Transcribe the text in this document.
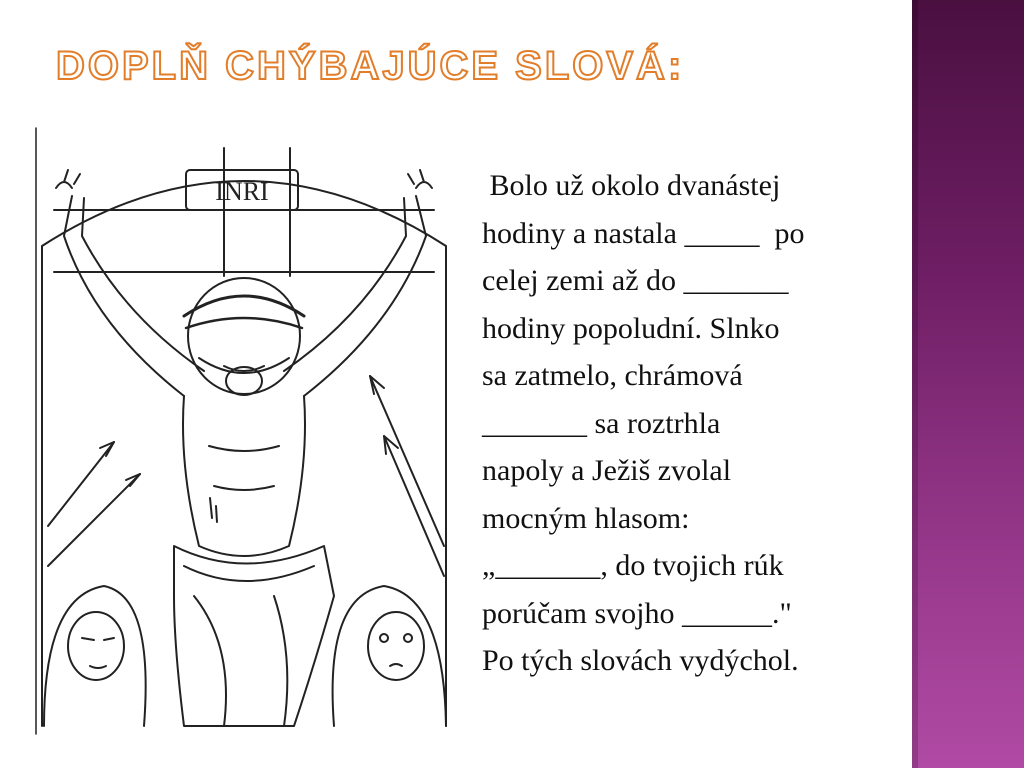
DOPLŇ CHÝBAJÚCE SLOVÁ:
INRI	Bolo už okolo dvanástej
hodiny a nastala _____  po
celej zemi až do _______
hodiny popoludní. Slnko
sa zatmelo, chrámová
_______ sa roztrhla
napoly a Ježiš zvolal
mocným hlasom:
„_______, do tvojich rúk
porúčam svojho ______."
Po tých slovách vydýchol.
